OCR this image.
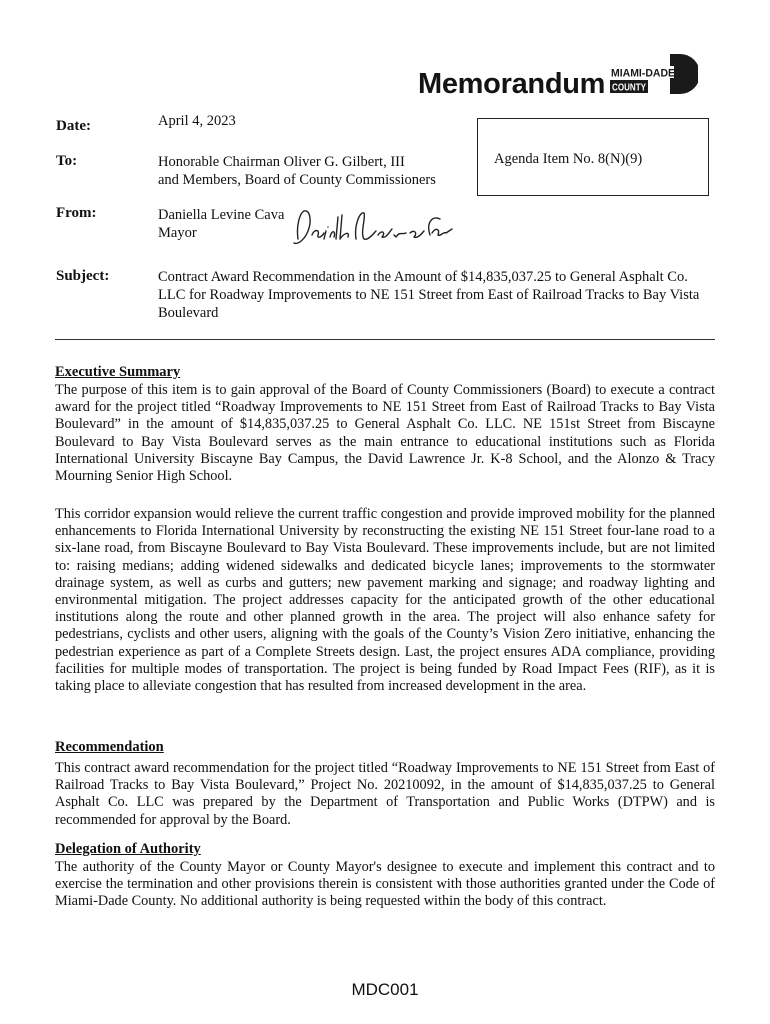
Memorandum MIAMI-DADE
COUNTY
Date:	April 4, 2023
To:	Honorable Chairman Oliver G. Gilbert, III
and Members, Board of County Commissioners
Agenda Item No. 8(N)(9)
From:	Daniella Levine Cava
Mayor
Subject:	Contract Award Recommendation in the Amount of $14,835,037.25 to General Asphalt Co.
LLC for Roadway Improvements to NE 151 Street from East of Railroad Tracks to Bay Vista
Boulevard
Executive Summary

The purpose of this item is to gain approval of the Board of County Commissioners (Board) to execute a contract award for the project titled “Roadway Improvements to NE 151 Street from East of Railroad Tracks to Bay Vista Boulevard” in the amount of $14,835,037.25 to General Asphalt Co. LLC. NE 151st Street from Biscayne Boulevard to Bay Vista Boulevard serves as the main entrance to educational institutions such as Florida International University Biscayne Bay Campus, the David Lawrence Jr. K-8 School, and the Alonzo & Tracy Mourning Senior High School.

This corridor expansion would relieve the current traffic congestion and provide improved mobility for the planned enhancements to Florida International University by reconstructing the existing NE 151 Street four-lane road to a six-lane road, from Biscayne Boulevard to Bay Vista Boulevard. These improvements include, but are not limited to: raising medians; adding widened sidewalks and dedicated bicycle lanes; improvements to the stormwater drainage system, as well as curbs and gutters; new pavement marking and signage; and roadway lighting and environmental mitigation. The project addresses capacity for the anticipated growth of the other educational institutions along the route and other planned growth in the area. The project will also enhance safety for pedestrians, cyclists and other users, aligning with the goals of the County’s Vision Zero initiative, enhancing the pedestrian experience as part of a Complete Streets design. Last, the project ensures ADA compliance, providing facilities for multiple modes of transportation. The project is being funded by Road Impact Fees (RIF), as it is taking place to alleviate congestion that has resulted from increased development in the area.

Recommendation

This contract award recommendation for the project titled “Roadway Improvements to NE 151 Street from East of Railroad Tracks to Bay Vista Boulevard,” Project No. 20210092, in the amount of $14,835,037.25 to General Asphalt Co. LLC was prepared by the Department of Transportation and Public Works (DTPW) and is recommended for approval by the Board.

Delegation of Authority

The authority of the County Mayor or County Mayor's designee to execute and implement this contract and to exercise the termination and other provisions therein is consistent with those authorities granted under the Code of Miami-Dade County. No additional authority is being requested within the body of this contract.

MDC001
